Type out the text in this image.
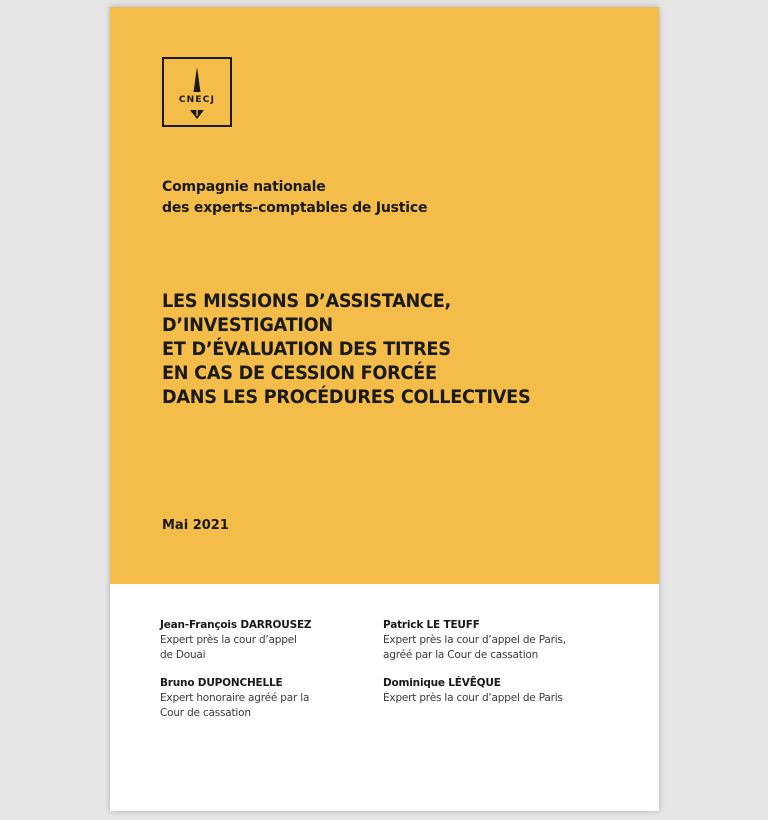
CNECJ
Compagnie nationale
des experts-comptables de Justice
LES MISSIONS D’ASSISTANCE,
D’INVESTIGATION
ET D’ÉVALUATION DES TITRES
EN CAS DE CESSION FORCÉE
DANS LES PROCÉDURES COLLECTIVES
Mai 2021
Jean-François DARROUSEZ
Expert près la cour d’appel
de Douai
Patrick LE TEUFF
Expert près la cour d’appel de Paris,
agréé par la Cour de cassation
Bruno DUPONCHELLE
Expert honoraire agréé par la
Cour de cassation
Dominique LÉVÊQUE
Expert près la cour d’appel de Paris
